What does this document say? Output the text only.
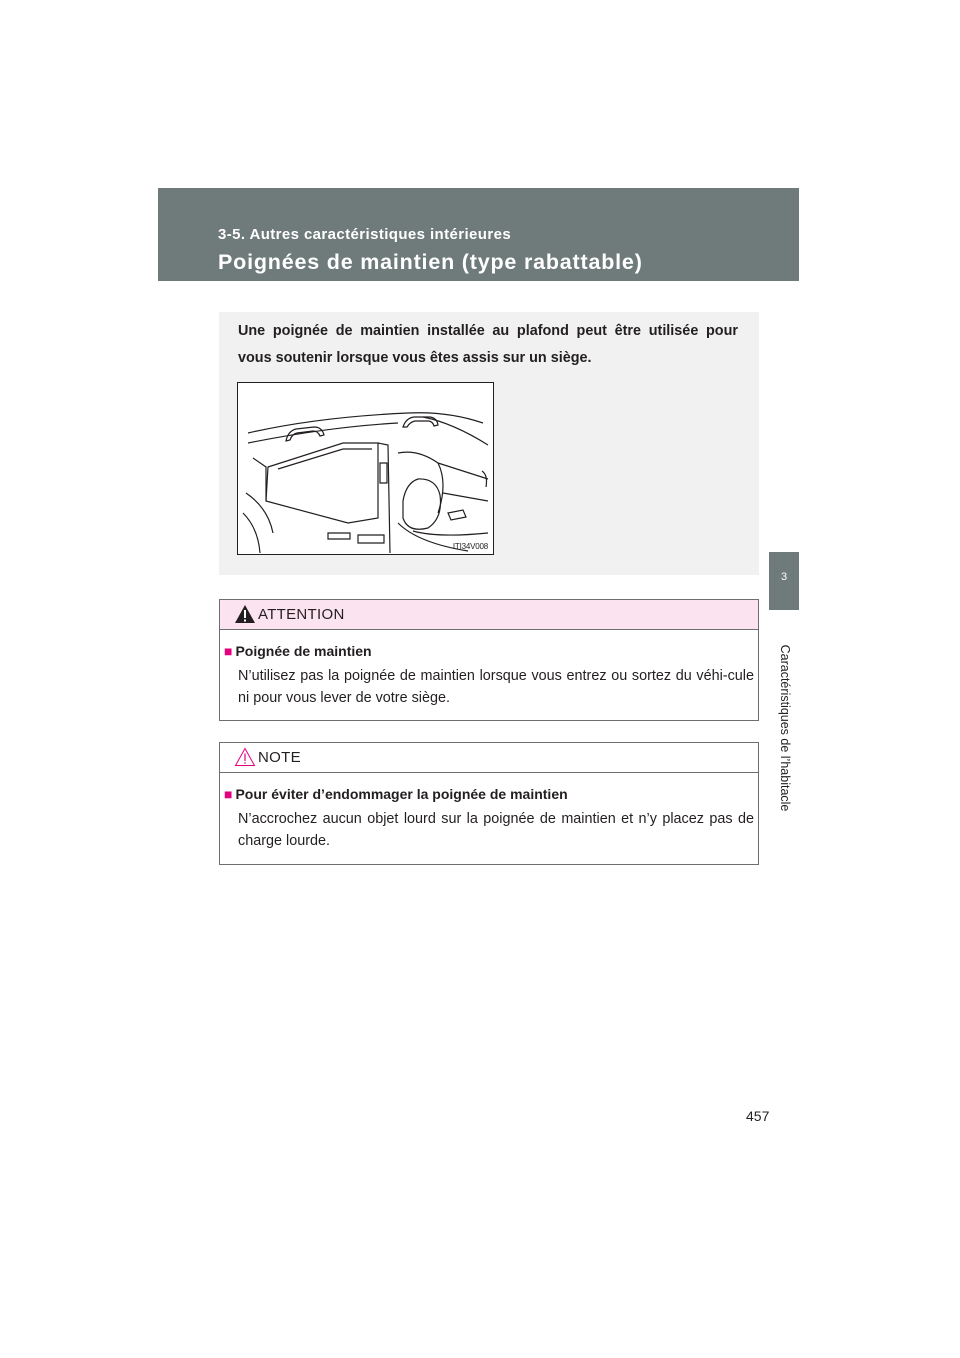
3-5. Autres caractéristiques intérieures
Poignées de maintien (type rabattable)
3
Caractéristiques de l’habitacle
Une poignée de maintien installée au plafond peut être utilisée pour vous soutenir lorsque vous êtes assis sur un siège.
ITI34V008
ATTENTION
■ Poignée de maintien
N’utilisez pas la poignée de maintien lorsque vous entrez ou sortez du véhi-cule ni pour vous lever de votre siège.
NOTE
■ Pour éviter d’endommager la poignée de maintien
N’accrochez aucun objet lourd sur la poignée de maintien et n’y placez pas de charge lourde.
457
